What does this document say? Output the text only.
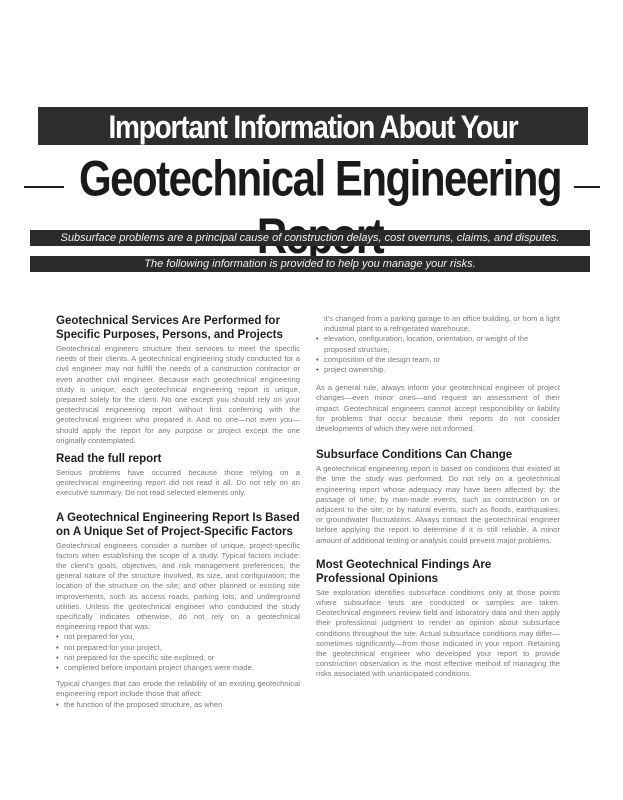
Important Information About Your
Geotechnical Engineering
Subsurface problems are a principal cause of construction delays, cost overruns, claims, and disputes.
The following information is provided to help you manage your risks.
Geotechnical Services Are Performed for Specific Purposes, Persons, and Projects

Geotechnical engineers structure their services to meet the specific needs of their clients. A geotechnical engineering study conducted for a civil engineer may not fulfill the needs of a construction contractor or even another civil engineer. Because each geotechnical engineering study is unique, each geotechnical engineering report is unique, prepared solely for the client. No one except you should rely on your geotechnical engineering report without first conferring with the geotechnical engineer who prepared it. And no one—not even you—should apply the report for any purpose or project except the one originally contemplated.

Read the full report

Serious problems have occurred because those relying on a geotechnical engineering report did not read it all. Do not rely on an executive summary. Do not read selected elements only.

A Geotechnical Engineering Report Is Based on A Unique Set of Project-Specific Factors

Geotechnical engineers consider a number of unique, project-specific factors when establishing the scope of a study. Typical factors include: the client's goals, objectives, and risk management preferences; the general nature of the structure involved, its size, and configuration; the location of the structure on the site; and other planned or existing site improvements, such as access roads, parking lots, and underground utilities. Unless the geotechnical engineer who conducted the study specifically indicates otherwise, do not rely on a geotechnical engineering report that was:

• not prepared for you,
• not prepared for your project,
• not prepared for the specific site explored, or
• completed before important project changes were made.

Typical changes that can erode the reliability of an existing geotechnical engineering report include those that affect:

• the function of the proposed structure, as when

it's changed from a parking garage to an office building, or from a light industrial plant to a refrigerated warehouse,

• elevation, configuration, location, orientation, or weight of the proposed structure,
• composition of the design team, or
• project ownership.

As a general rule, always inform your geotechnical engineer of project changes—even minor ones—and request an assessment of their impact. Geotechnical engineers cannot accept responsibility or liability for problems that occur because their reports do not consider developments of which they were not informed.

Subsurface Conditions Can Change

A geotechnical engineering report is based on conditions that existed at the time the study was performed. Do not rely on a geotechnical engineering report whose adequacy may have been affected by: the passage of time; by man-made events, such as construction on or adjacent to the site; or by natural events, such as floods, earthquakes, or groundwater fluctuations. Always contact the geotechnical engineer before applying the report to determine if it is still reliable. A minor amount of additional testing or analysis could prevent major problems.

Most Geotechnical Findings Are Professional Opinions

Site exploration identifies subsurface conditions only at those points where subsurface tests are conducted or samples are taken. Geotechnical engineers review field and laboratory data and then apply their professional judgment to render an opinion about subsurface conditions throughout the site. Actual subsurface conditions may differ—sometimes significantly—from those indicated in your report. Retaining the geotechnical engineer who developed your report to provide construction observation is the most effective method of managing the risks associated with unanticipated conditions.
